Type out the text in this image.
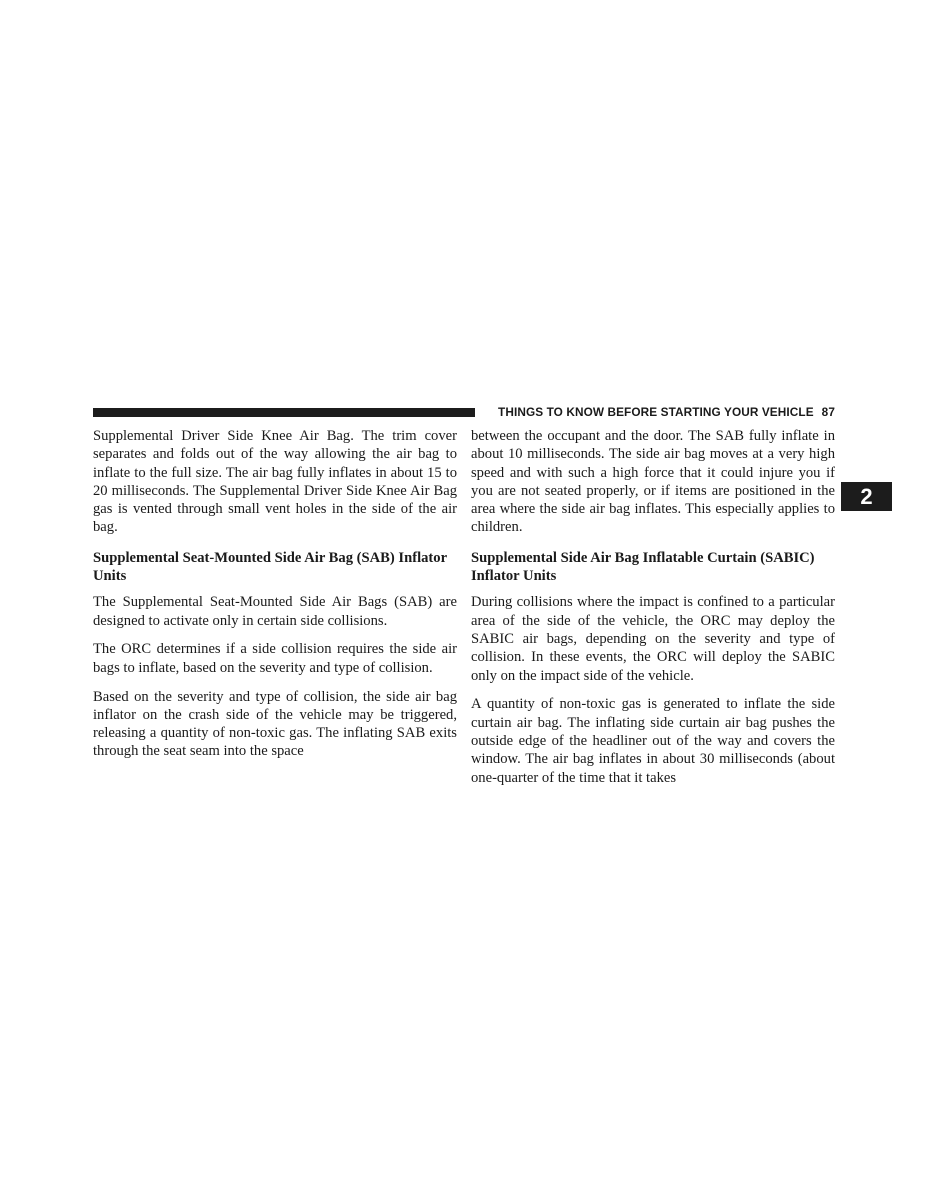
THINGS TO KNOW BEFORE STARTING YOUR VEHICLE 87
2

Supplemental Driver Side Knee Air Bag. The trim cover separates and folds out of the way allowing the air bag to inflate to the full size. The air bag fully inflates in about 15 to 20 milliseconds. The Supplemental Driver Side Knee Air Bag gas is vented through small vent holes in the side of the air bag.

Supplemental Seat-Mounted Side Air Bag (SAB) Inflator Units

The Supplemental Seat-Mounted Side Air Bags (SAB) are designed to activate only in certain side collisions.

The ORC determines if a side collision requires the side air bags to inflate, based on the severity and type of collision.

Based on the severity and type of collision, the side air bag inflator on the crash side of the vehicle may be triggered, releasing a quantity of non-toxic gas. The inflating SAB exits through the seat seam into the space

between the occupant and the door. The SAB fully inflate in about 10 milliseconds. The side air bag moves at a very high speed and with such a high force that it could injure you if you are not seated properly, or if items are positioned in the area where the side air bag inflates. This especially applies to children.

Supplemental Side Air Bag Inflatable Curtain (SABIC) Inflator Units

During collisions where the impact is confined to a particular area of the side of the vehicle, the ORC may deploy the SABIC air bags, depending on the severity and type of collision. In these events, the ORC will deploy the SABIC only on the impact side of the vehicle.

A quantity of non-toxic gas is generated to inflate the side curtain air bag. The inflating side curtain air bag pushes the outside edge of the headliner out of the way and covers the window. The air bag inflates in about 30 milliseconds (about one-quarter of the time that it takes
